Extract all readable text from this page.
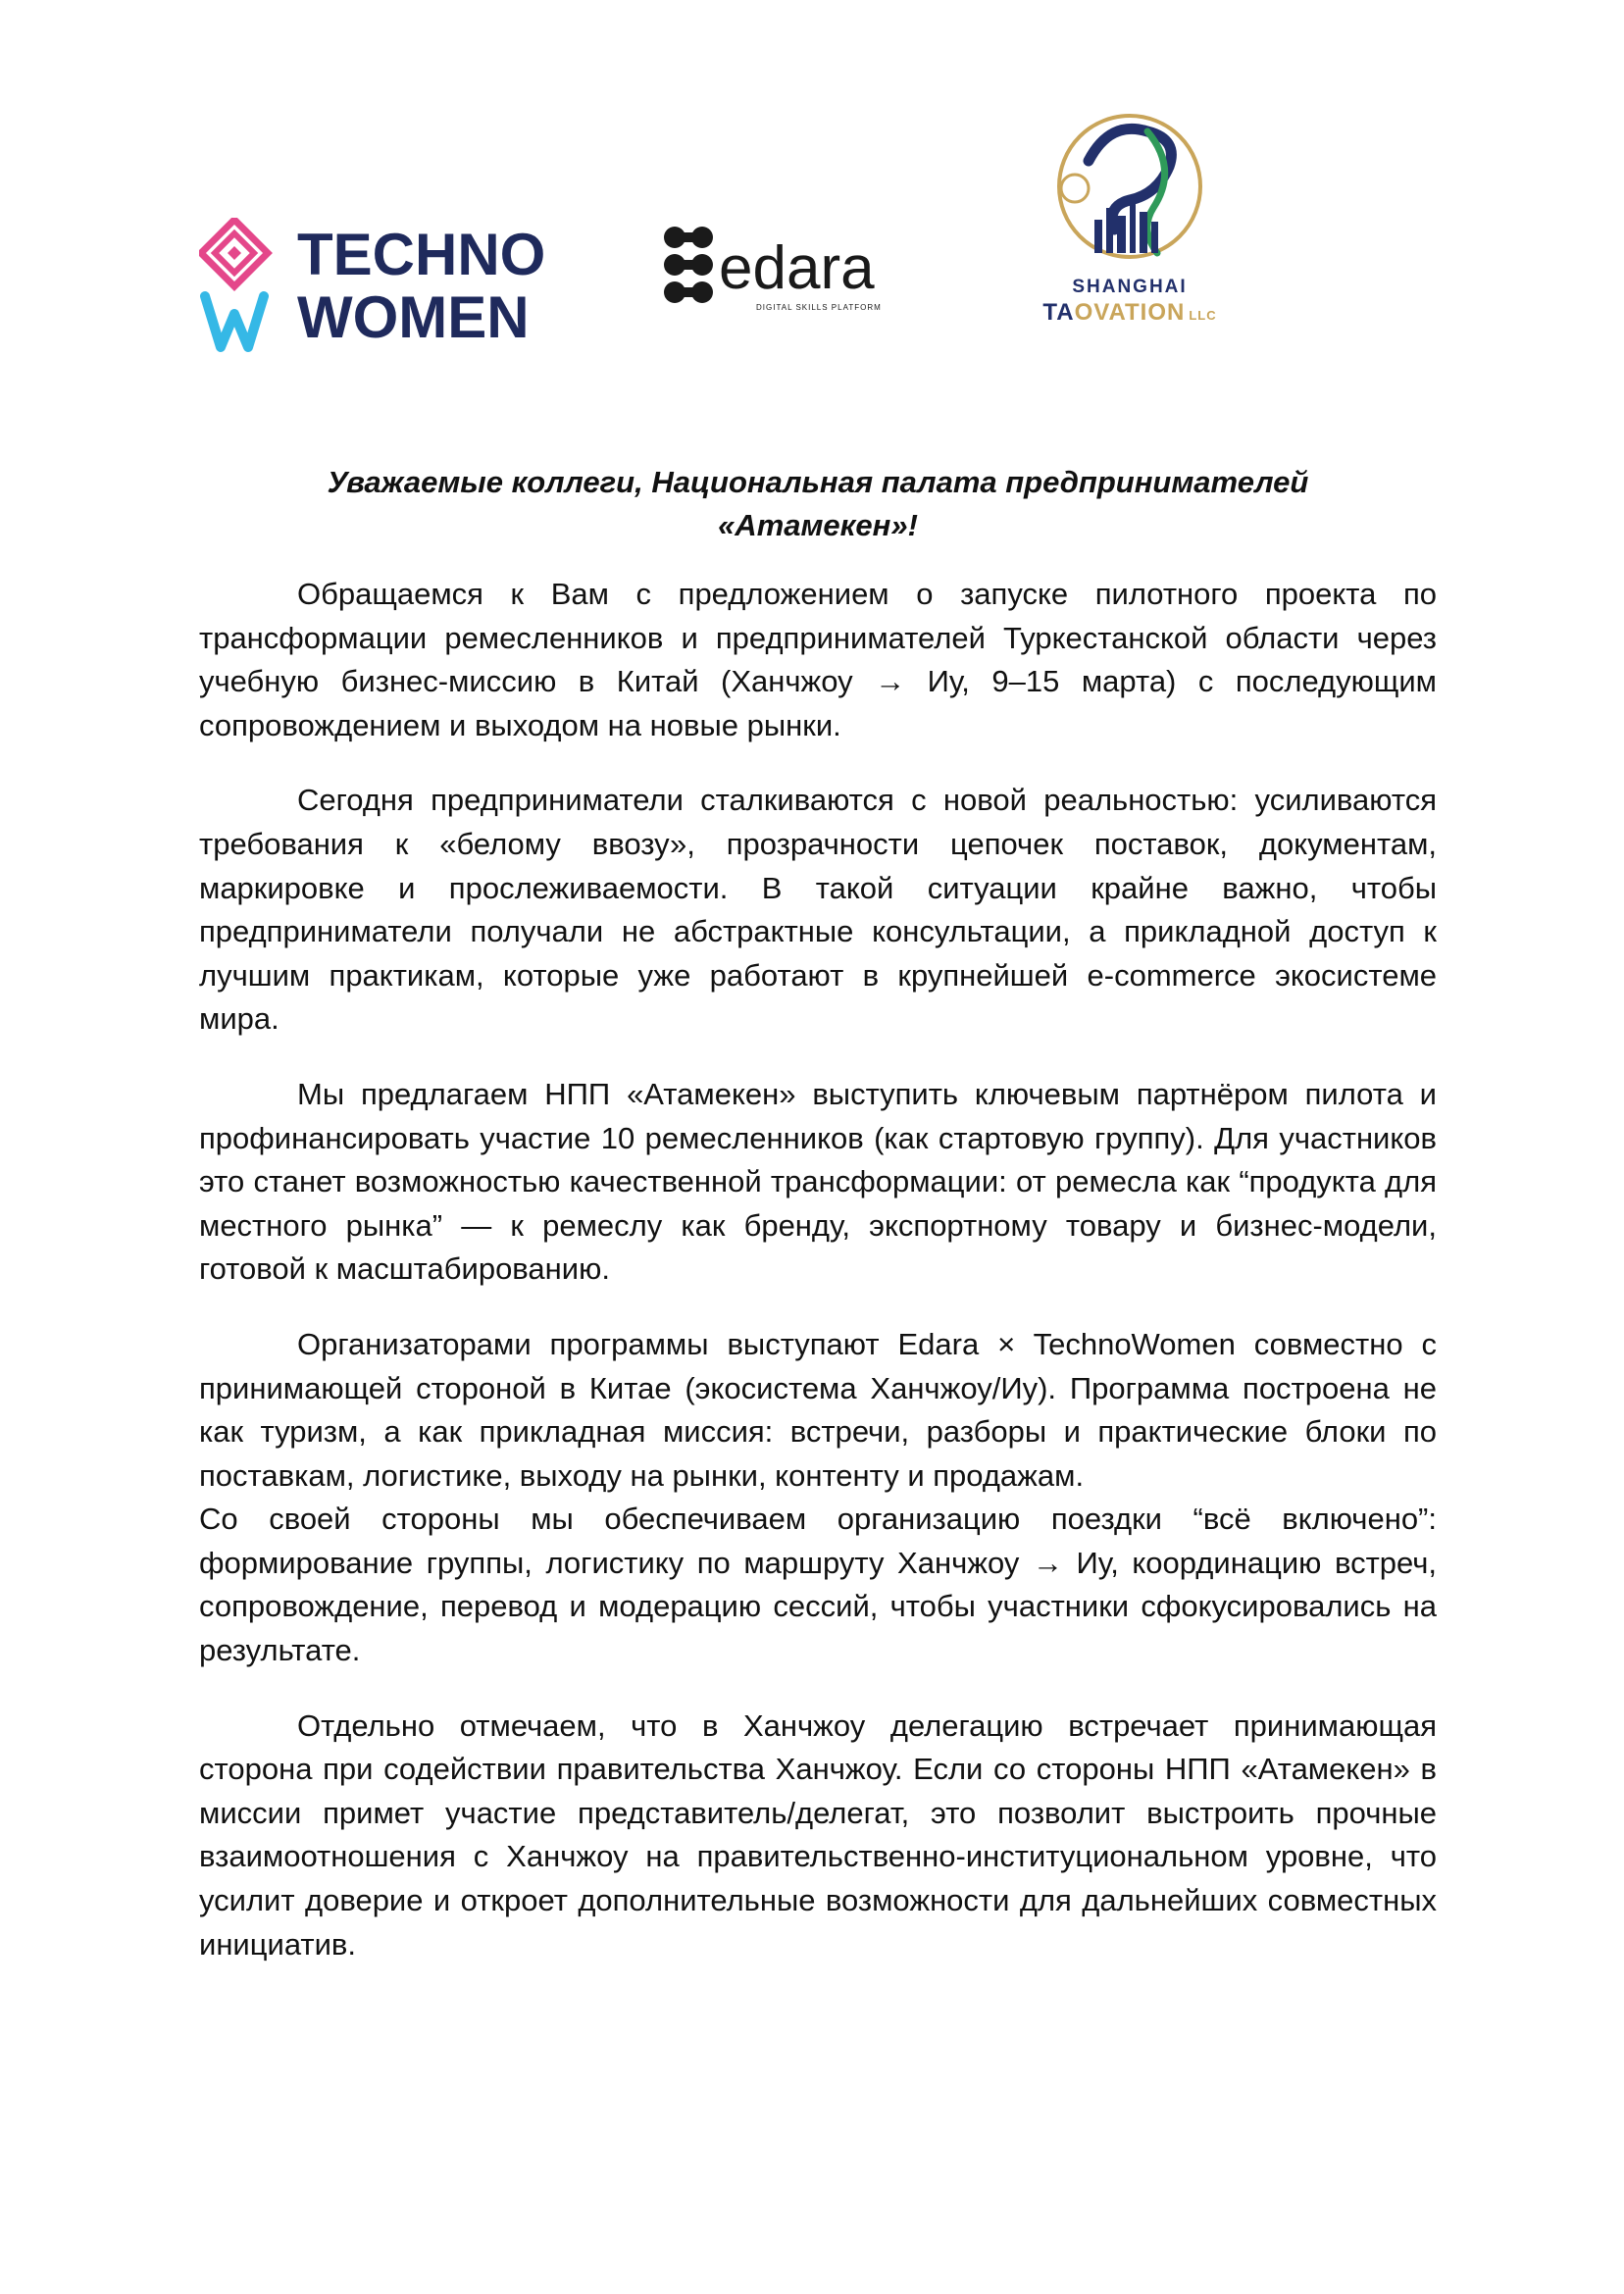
TECHNO
WOMEN
edara
DIGITAL SKILLS PLATFORM
SHANGHAI
TAOVATION LLC
Уважаемые коллеги, Национальная палата предпринимателей
«Атамекен»!

Обращаемся к Вам с предложением о запуске пилотного проекта по трансформации ремесленников и предпринимателей Туркестанской области через учебную бизнес-миссию в Китай (Ханчжоу → Иу, 9–15 марта) с последующим сопровождением и выходом на новые рынки.

Сегодня предприниматели сталкиваются с новой реальностью: усиливаются требования к «белому ввозу», прозрачности цепочек поставок, документам, маркировке и прослеживаемости. В такой ситуации крайне важно, чтобы предприниматели получали не абстрактные консультации, а прикладной доступ к лучшим практикам, которые уже работают в крупнейшей e-commerce экосистеме мира.

Мы предлагаем НПП «Атамекен» выступить ключевым партнёром пилота и профинансировать участие 10 ремесленников (как стартовую группу). Для участников это станет возможностью качественной трансформации: от ремесла как “продукта для местного рынка” — к ремеслу как бренду, экспортному товару и бизнес-модели, готовой к масштабированию.

Организаторами программы выступают Edara × TechnoWomen совместно с принимающей стороной в Китае (экосистема Ханчжоу/Иу). Программа построена не как туризм, а как прикладная миссия: встречи, разборы и практические блоки по поставкам, логистике, выходу на рынки, контенту и продажам.

Со своей стороны мы обеспечиваем организацию поездки “всё включено”: формирование группы, логистику по маршруту Ханчжоу → Иу, координацию встреч, сопровождение, перевод и модерацию сессий, чтобы участники сфокусировались на результате.

Отдельно отмечаем, что в Ханчжоу делегацию встречает принимающая сторона при содействии правительства Ханчжоу. Если со стороны НПП «Атамекен» в миссии примет участие представитель/делегат, это позволит выстроить прочные взаимоотношения с Ханчжоу на правительственно-институциональном уровне, что усилит доверие и откроет дополнительные возможности для дальнейших совместных инициатив.
